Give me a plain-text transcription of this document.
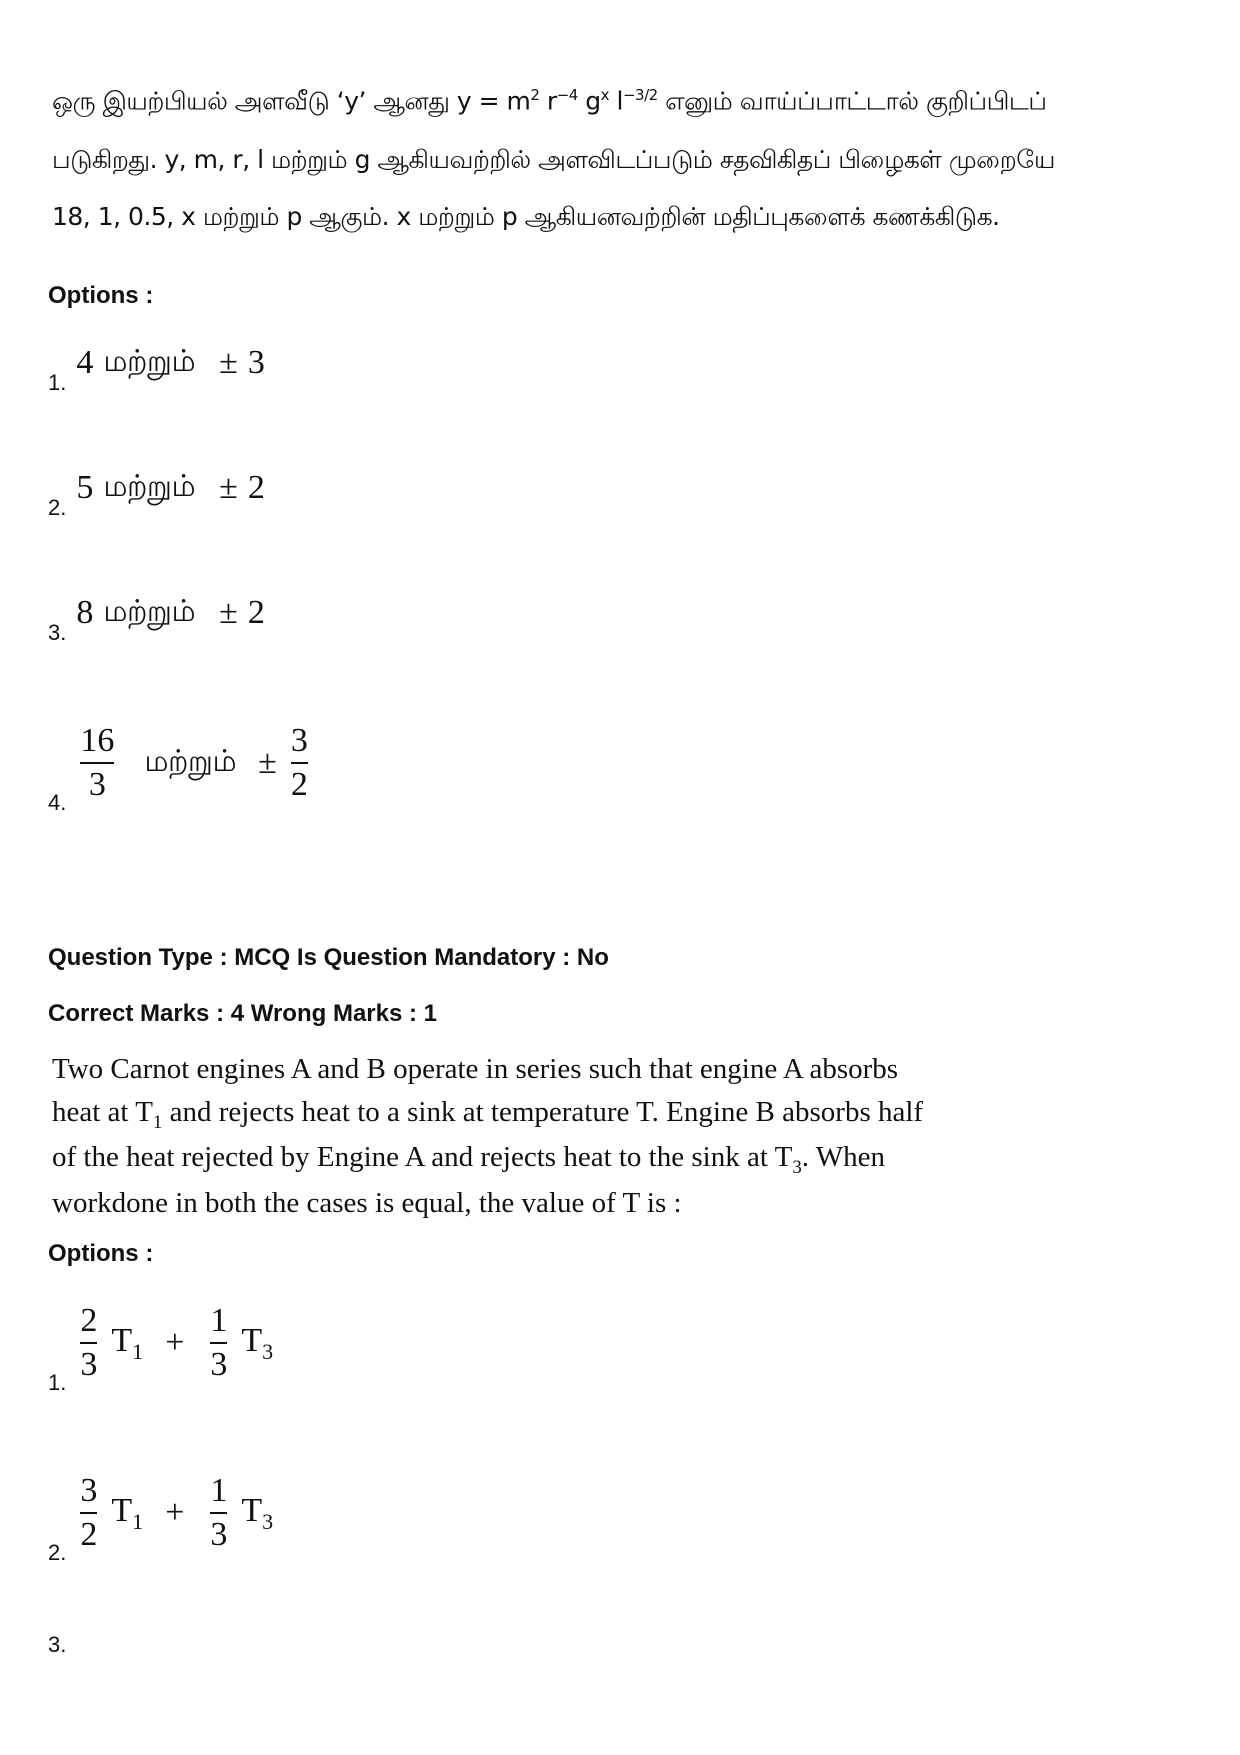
ஒரு இயற்பியல் அளவீடு ‘y’ ஆனது $y = m^2$ $r^{-4}$ $g^x$ $l^{-3/2}$ எனும் வாய்ப்பாட்டால் குறிப்பிடப்
படுகிறது. y, m, r, l மற்றும் g ஆகியவற்றில் அளவிடப்படும் சதவிகிதப் பிழைகள் முறையே
18, 1, 0.5, x மற்றும் p ஆகும். x மற்றும் p ஆகியனவற்றின் மதிப்புகளைக் கணக்கிடுக.
Options :
1.
4 மற்றும் ± 3
2.
5 மற்றும் ± 2
3.
8 மற்றும் ± 2
4.
$\frac{16}{3}$ மற்றும் ± $\frac{3}{2}$
Question Type : MCQ Is Question Mandatory : No
Correct Marks : 4 Wrong Marks : 1
Two Carnot engines A and B operate in series such that engine A absorbs heat at $T_1$ and rejects heat to a sink at temperature T. Engine B absorbs half of the heat rejected by Engine A and rejects heat to the sink at $T_3$. When workdone in both the cases is equal, the value of T is :
Options :
1.
$\frac{2}{3} T_1 + \frac{1}{3} T_3$
2.
$\frac{3}{2} T_1 + \frac{1}{3} T_3$
3.
